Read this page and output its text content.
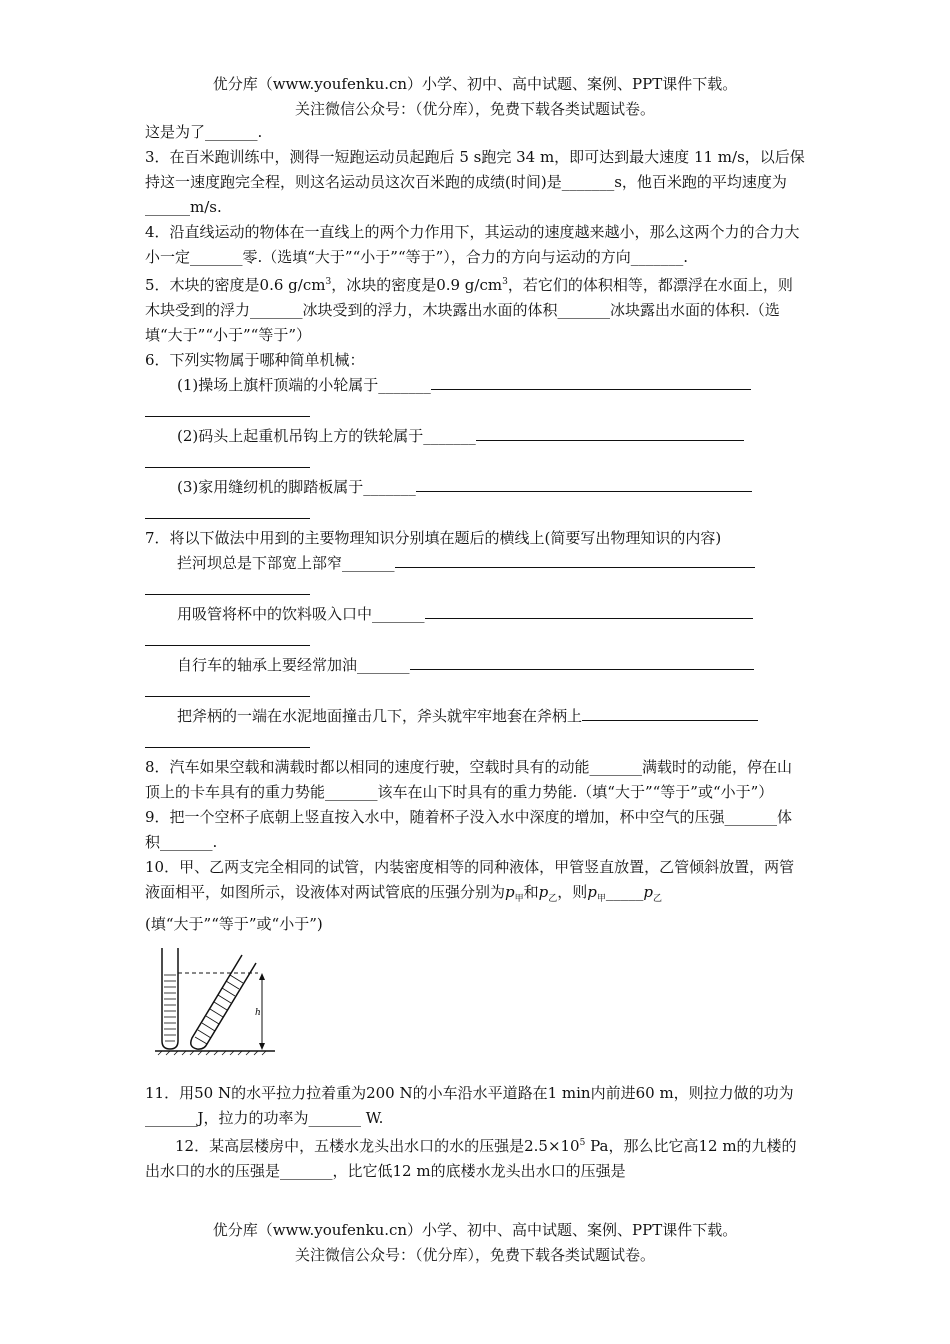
优分库（www.youfenku.cn）小学、初中、高中试题、案例、PPT课件下载。
关注微信公众号：（优分库），免费下载各类试题试卷。

这是为了_______.

3．在百米跑训练中，测得一短跑运动员起跑后 5 s跑完 34 m，即可达到最大速度 11 m/s，以后保持这一速度跑完全程，则这名运动员这次百米跑的成绩(时间)是_______s，他百米跑的平均速度为______m/s.

4．沿直线运动的物体在一直线上的两个力作用下，其运动的速度越来越小，那么这两个力的合力大小一定_______零.（选填“大于”“小于”“等于”），合力的方向与运动的方向_______.

5．木块的密度是0.6 $g/cm^3$，冰块的密度是0.9 $g/cm^3$，若它们的体积相等，都漂浮在水面上，则木块受到的浮力_______冰块受到的浮力，木块露出水面的体积_______冰块露出水面的体积.（选填“大于”“小于”“等于”）

6．下列实物属于哪种简单机械：

(1)操场上旗杆顶端的小轮属于_______

(2)码头上起重机吊钩上方的铁轮属于_______

(3)家用缝纫机的脚踏板属于_______

7．将以下做法中用到的主要物理知识分别填在题后的横线上(简要写出物理知识的内容)

拦河坝总是下部宽上部窄_______

用吸管将杯中的饮料吸入口中_______

自行车的轴承上要经常加油_______

把斧柄的一端在水泥地面撞击几下，斧头就牢牢地套在斧柄上

8．汽车如果空载和满载时都以相同的速度行驶，空载时具有的动能_______满载时的动能，停在山顶上的卡车具有的重力势能_______该车在山下时具有的重力势能.（填“大于”“等于”或“小于”）

9．把一个空杯子底朝上竖直按入水中，随着杯子没入水中深度的增加，杯中空气的压强_______体积_______.

10．甲、乙两支完全相同的试管，内装密度相等的同种液体，甲管竖直放置，乙管倾斜放置，两管液面相平，如图所示，设液体对两试管底的压强分别为$p_甲$和$p_乙$，则$p_甲\_\_\_\_\_p_乙$
(填“大于”“等于”或“小于”)

h

11．用50 N的水平拉力拉着重为200 N的小车沿水平道路在1 min内前进60 m，则拉力做的功为_______J，拉力的功率为_______ W.

12．某高层楼房中，五楼水龙头出水口的水的压强是$2.5\times 10^5$ Pa，那么比它高12 m的九楼的出水口的水的压强是_______，比它低12 m的底楼水龙头出水口的压强是

优分库（www.youfenku.cn）小学、初中、高中试题、案例、PPT课件下载。
关注微信公众号：（优分库），免费下载各类试题试卷。
